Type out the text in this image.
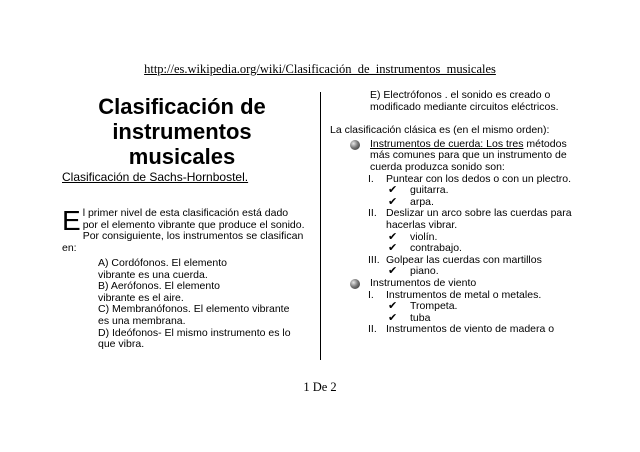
http://es.wikipedia.org/wiki/Clasificación_de_instrumentos_musicales
Clasificación de instrumentos musicales
Clasificación de Sachs-Hornbostel.
E l primer nivel de esta clasificación está dado

por el elemento vibrante que produce el sonido.

Por consiguiente, los instrumentos se clasifican en:

A) Cordófonos. El elemento

vibrante es una cuerda.

B) Aerófonos. El elemento

vibrante es el aire.

C) Membranófonos. El elemento vibrante

es una membrana.

D) Ideófonos- El mismo instrumento es lo

que vibra.

E) Electrófonos . el sonido es creado o
modificado mediante circuitos eléctricos.
La clasificación clásica es (en el mismo orden):
Instrumentos de cuerda: Los tres métodos
más comunes para que un instrumento de
cuerda produzca sonido son:
I. Puntear con los dedos o con un plectro.
✔ guitarra.
✔ arpa.
II. Deslizar un arco sobre las cuerdas para
hacerlas vibrar.
✔ violín.
✔ contrabajo.
III. Golpear las cuerdas con martillos
✔ piano.
Instrumentos de viento
I. Instrumentos de metal o metales.
✔ Trompeta.
✔ tuba
II. Instrumentos de viento de madera o
1 De 2
